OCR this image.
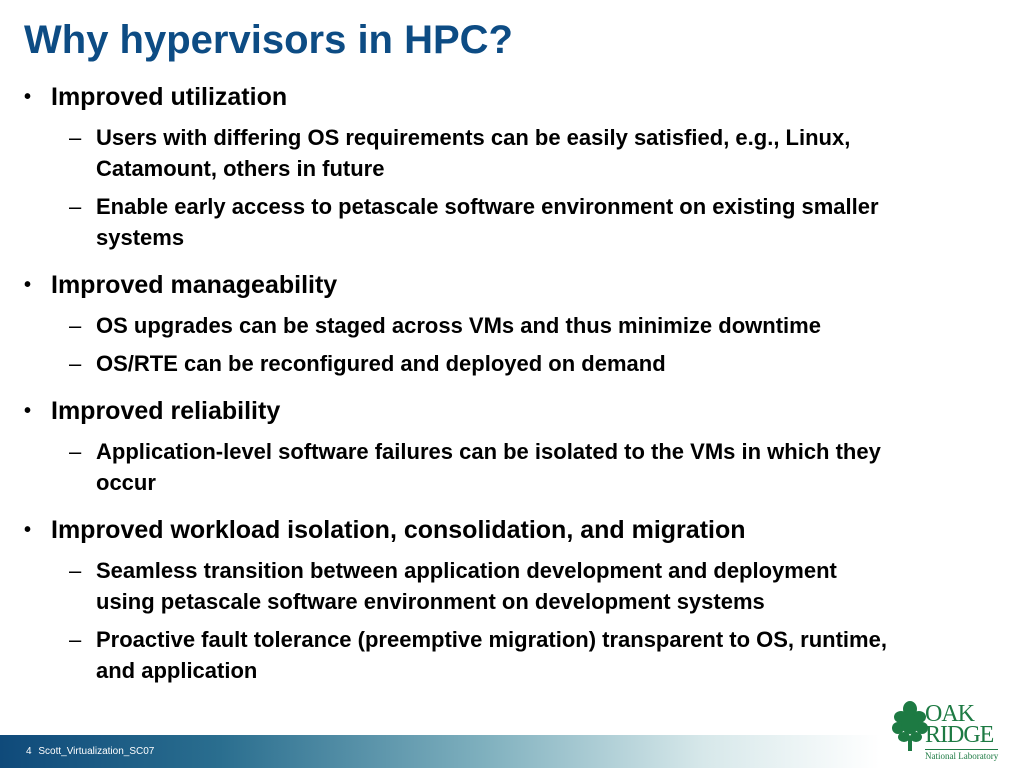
Why hypervisors in HPC?
• Improved utilization
– Users with differing OS requirements can be easily satisfied, e.g., Linux, Catamount, others in future
– Enable early access to petascale software environment on existing smaller systems
• Improved manageability
– OS upgrades can be staged across VMs and thus minimize downtime
– OS/RTE can be reconfigured and deployed on demand
• Improved reliability
– Application-level software failures can be isolated to the VMs in which they occur
• Improved workload isolation, consolidation, and migration
– Seamless transition between application development and deployment using petascale software environment on development systems
– Proactive fault tolerance (preemptive migration) transparent to OS, runtime, and application
4 Scott_Virtualization_SC07
OAK
RIDGE
National Laboratory
